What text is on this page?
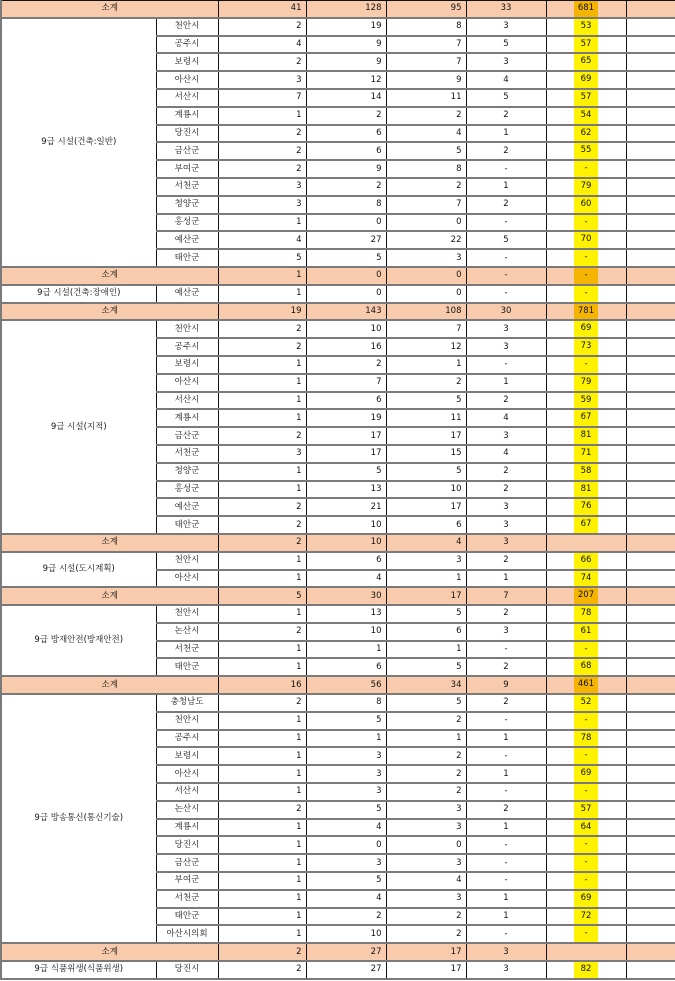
소계		41	128	95	33	681	
9급 시설(건축:일반)	천안시	2	19	8	3	53	
	공주시	4	9	7	5	57	
	보령시	2	9	7	3	65	
	아산시	3	12	9	4	69	
	서산시	7	14	11	5	57	
	계룡시	1	2	2	2	54	
	당진시	2	6	4	1	62	
	금산군	2	6	5	2	55	
	부여군	2	9	8	-	-	
	서천군	3	2	2	1	79	
	청양군	3	8	7	2	60	
	홍성군	1	0	0	-	-	
	예산군	4	27	22	5	70	
	태안군	5	5	3	-	-	
소계		1	0	0	-	-	
9급 시설(건축:장애인)	예산군	1	0	0	-	-	
소계		19	143	108	30	781	
9급 시설(지적)	천안시	2	10	7	3	69	
	공주시	2	16	12	3	73	
	보령시	1	2	1	-	-	
	아산시	1	7	2	1	79	
	서산시	1	6	5	2	59	
	계룡시	1	19	11	4	67	
	금산군	2	17	17	3	81	
	서천군	3	17	15	4	71	
	청양군	1	5	5	2	58	
	홍성군	1	13	10	2	81	
	예산군	2	21	17	3	76	
	태안군	2	10	6	3	67	
소계		2	10	4	3		
9급 시설(도시계획)	천안시	1	6	3	2	66	
	아산시	1	4	1	1	74	
소계		5	30	17	7	207	
9급 방재안전(방재안전)	천안시	1	13	5	2	78	
	논산시	2	10	6	3	61	
	서천군	1	1	1	-	-	
	태안군	1	6	5	2	68	
소계		16	56	34	9	461	
9급 방송통신(통신기술)	충청남도	2	8	5	2	52	
	천안시	1	5	2	-	-	
	공주시	1	1	1	1	78	
	보령시	1	3	2	-	-	
	아산시	1	3	2	1	69	
	서산시	1	3	2	-	-	
	논산시	2	5	3	2	57	
	계룡시	1	4	3	1	64	
	당진시	1	0	0	-	-	
	금산군	1	3	3	-	-	
	부여군	1	5	4	-	-	
	서천군	1	4	3	1	69	
	태안군	1	2	2	1	72	
	아산시의회	1	10	2	-	-	
소계		2	27	17	3		
9급 식품위생(식품위생)	당진시	2	27	17	3	82	
